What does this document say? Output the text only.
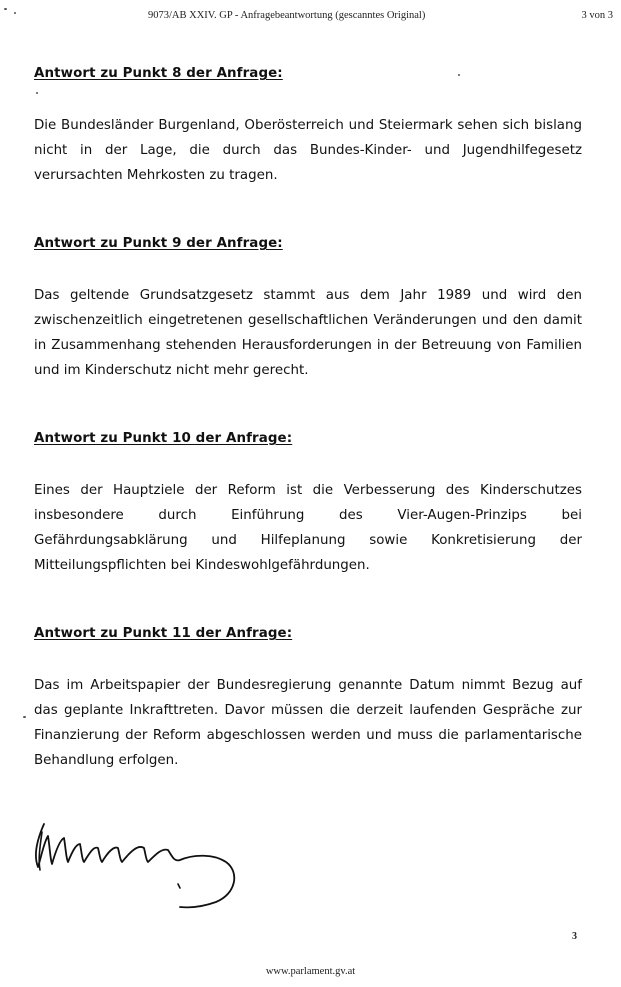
9073/AB XXIV. GP - Anfragebeantwortung (gescanntes Original)	3 von 3
Antwort zu Punkt 8 der Anfrage:

Die Bundesländer Burgenland, Oberösterreich und Steiermark sehen sich bislang nicht in der Lage, die durch das Bundes-Kinder- und Jugendhilfegesetz verursachten Mehrkosten zu tragen.

Antwort zu Punkt 9 der Anfrage:

Das geltende Grundsatzgesetz stammt aus dem Jahr 1989 und wird den zwischenzeitlich eingetretenen gesellschaftlichen Veränderungen und den damit in Zusammenhang stehenden Herausforderungen in der Betreuung von Familien und im Kinderschutz nicht mehr gerecht.

Antwort zu Punkt 10 der Anfrage:

Eines der Hauptziele der Reform ist die Verbesserung des Kinderschutzes insbesondere durch Einführung des Vier-Augen-Prinzips bei Gefährdungsabklärung und Hilfeplanung sowie Konkretisierung der Mitteilungspflichten bei Kindeswohlgefährdungen.

Antwort zu Punkt 11 der Anfrage:

Das im Arbeitspapier der Bundesregierung genannte Datum nimmt Bezug auf das geplante Inkrafttreten. Davor müssen die derzeit laufenden Gespräche zur Finanzierung der Reform abgeschlossen werden und muss die parlamentarische Behandlung erfolgen.

3
www.parlament.gv.at
